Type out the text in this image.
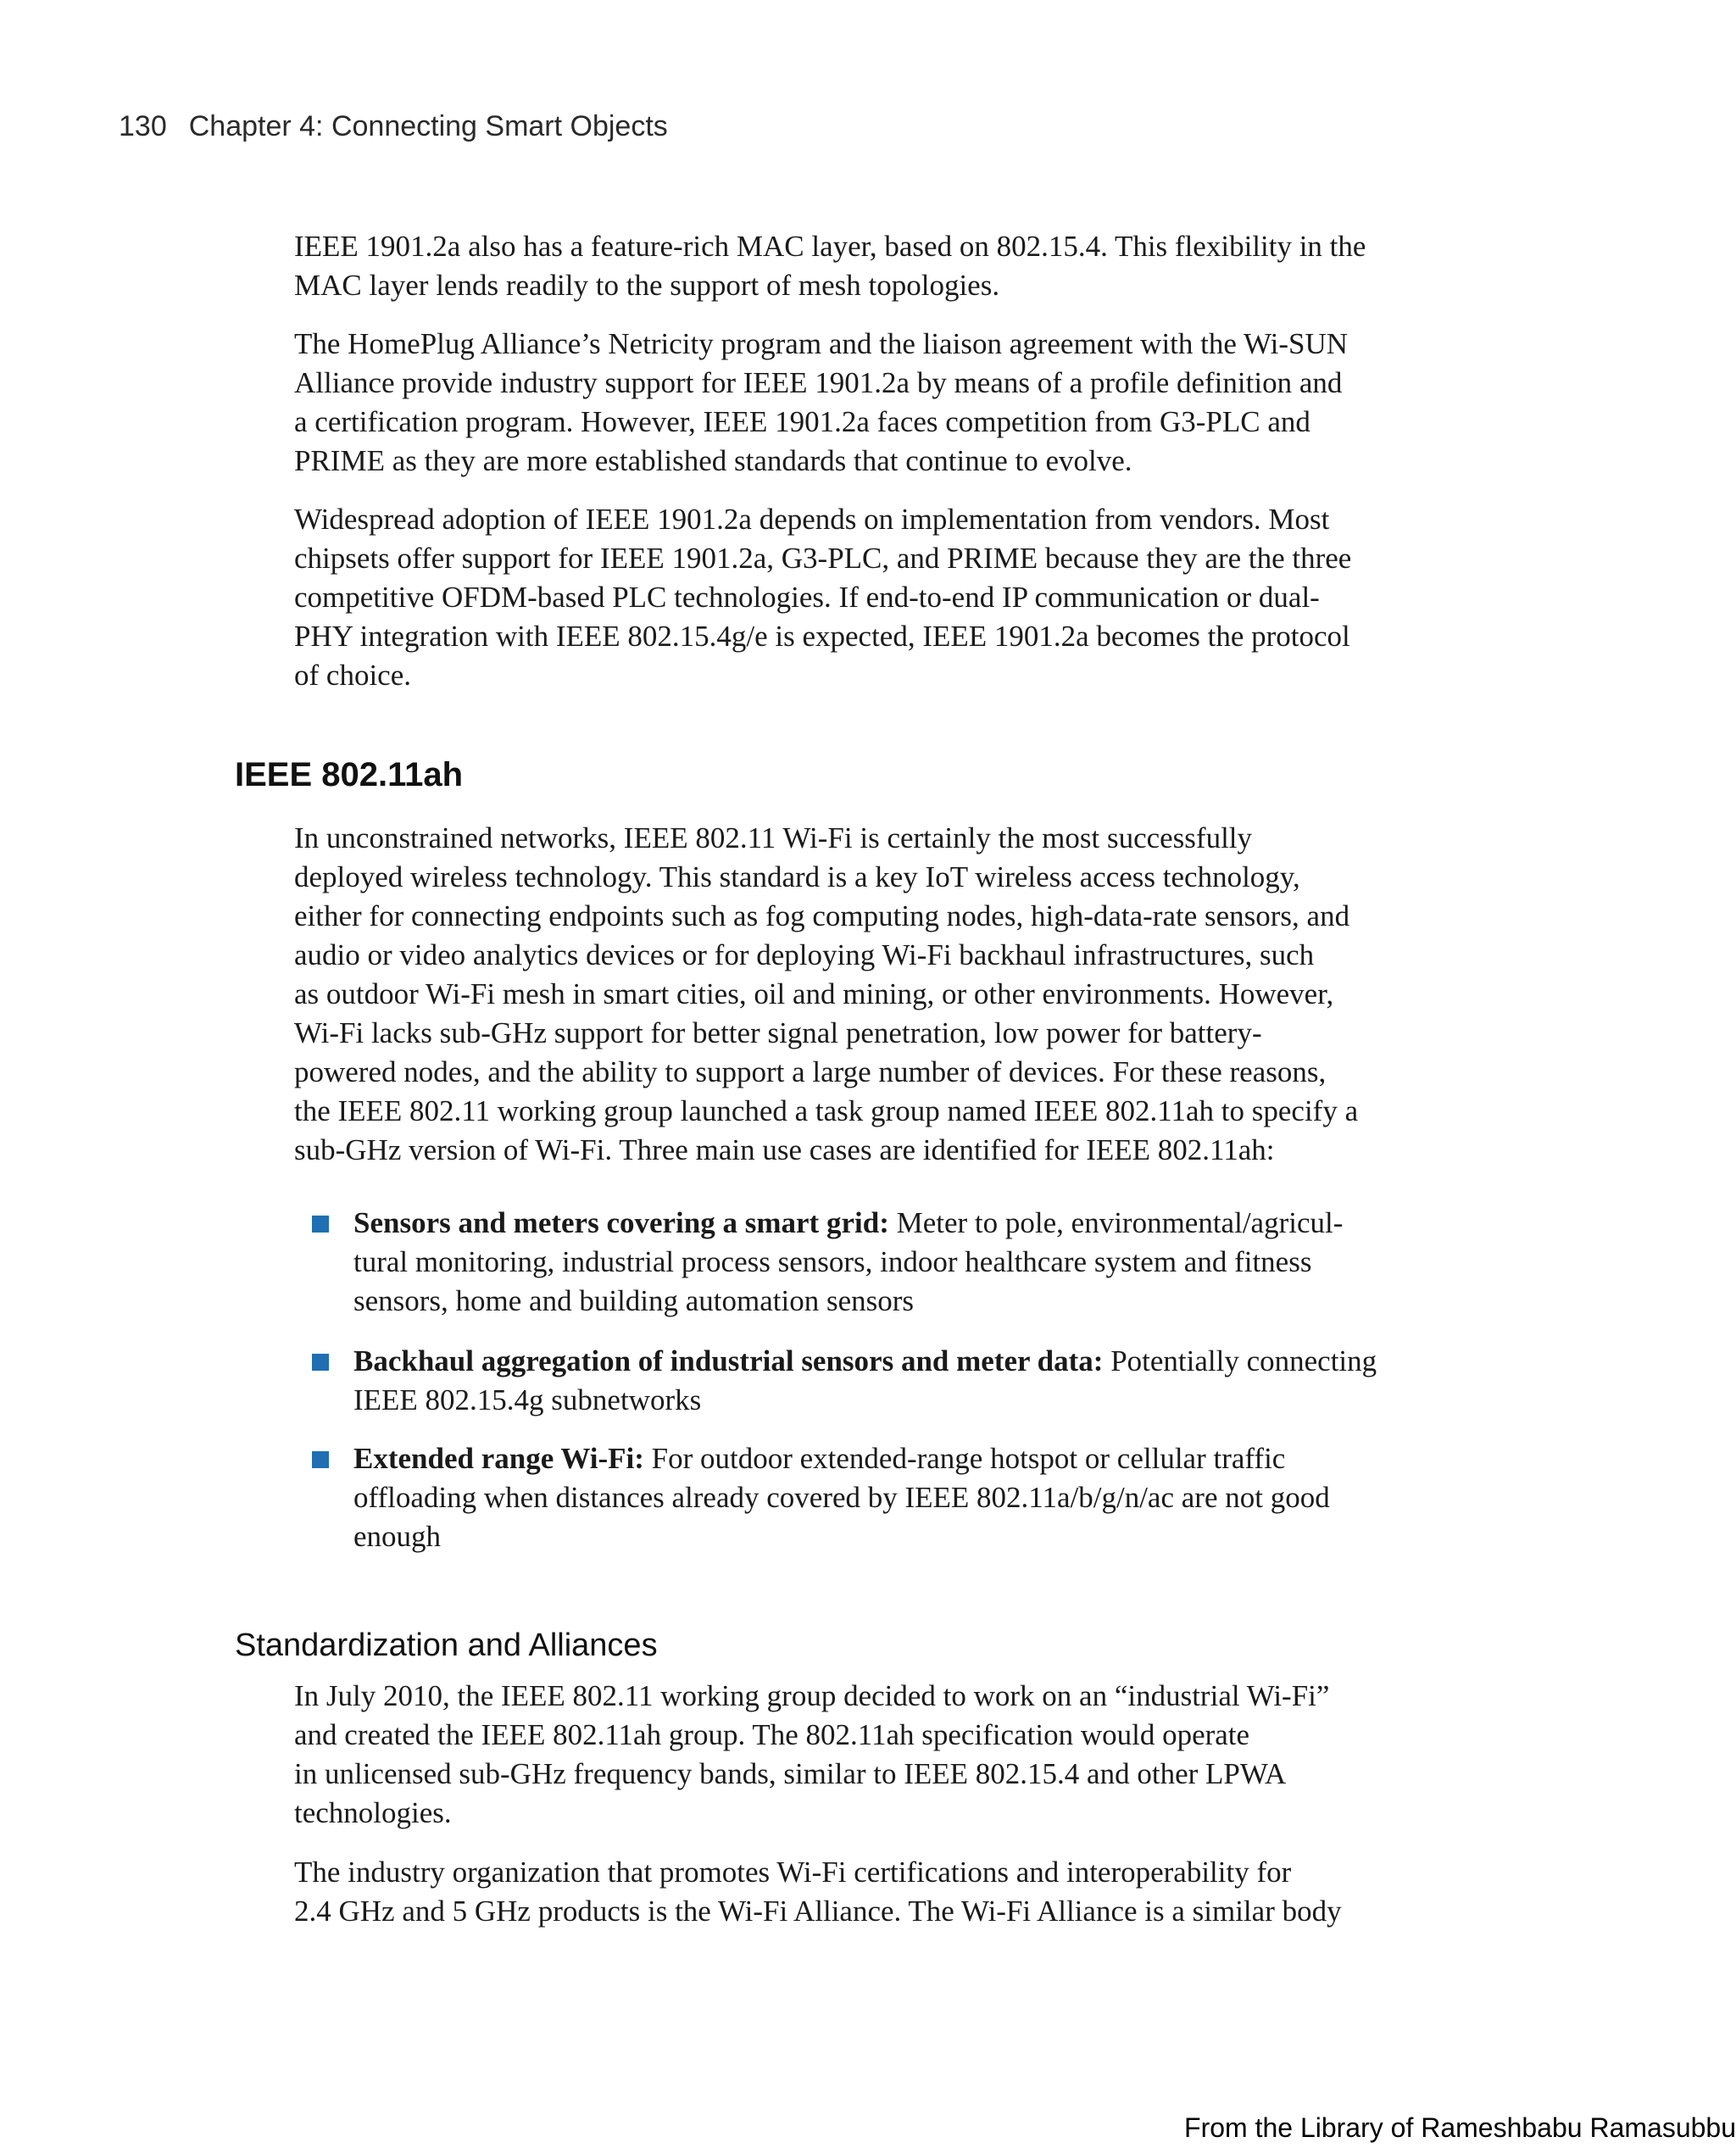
130 Chapter 4: Connecting Smart Objects
IEEE 1901.2a also has a feature-rich MAC layer, based on 802.15.4. This flexibility in the
MAC layer lends readily to the support of mesh topologies.
The HomePlug Alliance’s Netricity program and the liaison agreement with the Wi-SUN
Alliance provide industry support for IEEE 1901.2a by means of a profile definition and
a certification program. However, IEEE 1901.2a faces competition from G3-PLC and
PRIME as they are more established standards that continue to evolve.
Widespread adoption of IEEE 1901.2a depends on implementation from vendors. Most
chipsets offer support for IEEE 1901.2a, G3-PLC, and PRIME because they are the three
competitive OFDM-based PLC technologies. If end-to-end IP communication or dual-
PHY integration with IEEE 802.15.4g/e is expected, IEEE 1901.2a becomes the protocol
of choice.
IEEE 802.11ah
In unconstrained networks, IEEE 802.11 Wi-Fi is certainly the most successfully
deployed wireless technology. This standard is a key IoT wireless access technology,
either for connecting endpoints such as fog computing nodes, high-data-rate sensors, and
audio or video analytics devices or for deploying Wi-Fi backhaul infrastructures, such
as outdoor Wi-Fi mesh in smart cities, oil and mining, or other environments. However,
Wi-Fi lacks sub-GHz support for better signal penetration, low power for battery-
powered nodes, and the ability to support a large number of devices. For these reasons,
the IEEE 802.11 working group launched a task group named IEEE 802.11ah to specify a
sub-GHz version of Wi-Fi. Three main use cases are identified for IEEE 802.11ah:
Sensors and meters covering a smart grid: Meter to pole, environmental/agricul-
tural monitoring, industrial process sensors, indoor healthcare system and fitness
sensors, home and building automation sensors
Backhaul aggregation of industrial sensors and meter data: Potentially connecting
IEEE 802.15.4g subnetworks
Extended range Wi-Fi: For outdoor extended-range hotspot or cellular traffic
offloading when distances already covered by IEEE 802.11a/b/g/n/ac are not good
enough
Standardization and Alliances
In July 2010, the IEEE 802.11 working group decided to work on an “industrial Wi-Fi”
and created the IEEE 802.11ah group. The 802.11ah specification would operate
in unlicensed sub-GHz frequency bands, similar to IEEE 802.15.4 and other LPWA
technologies.
The industry organization that promotes Wi-Fi certifications and interoperability for
2.4 GHz and 5 GHz products is the Wi-Fi Alliance. The Wi-Fi Alliance is a similar body
From the Library of Rameshbabu Ramasubbu
